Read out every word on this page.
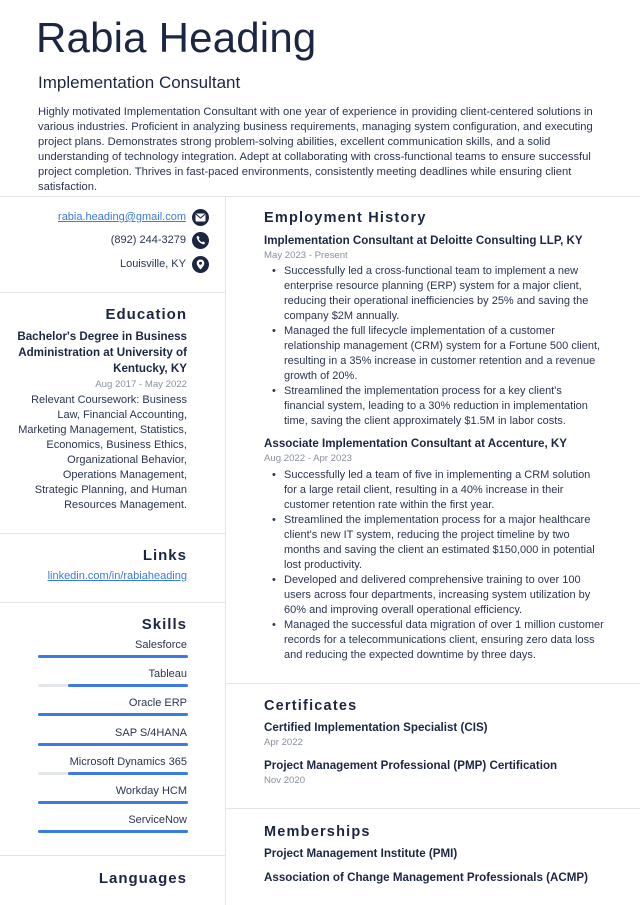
Rabia Heading
Implementation Consultant
Highly motivated Implementation Consultant with one year of experience in providing client-centered solutions in various industries. Proficient in analyzing business requirements, managing system configuration, and executing project plans. Demonstrates strong problem-solving abilities, excellent communication skills, and a solid understanding of technology integration. Adept at collaborating with cross-functional teams to ensure successful project completion. Thrives in fast-paced environments, consistently meeting deadlines while ensuring client satisfaction.
rabia.heading@gmail.com
(892) 244-3279
Louisville, KY
Education
Bachelor's Degree in Business Administration at University of Kentucky, KY
Aug 2017 - May 2022
Relevant Coursework: Business Law, Financial Accounting, Marketing Management, Statistics, Economics, Business Ethics, Organizational Behavior, Operations Management, Strategic Planning, and Human Resources Management.
Links
linkedin.com/in/rabiaheading
Skills
Salesforce
Tableau
Oracle ERP
SAP S/4HANA
Microsoft Dynamics 365
Workday HCM
ServiceNow
Languages
Employment History
Implementation Consultant at Deloitte Consulting LLP, KY
May 2023 - Present
• Successfully led a cross-functional team to implement a new enterprise resource planning (ERP) system for a major client, reducing their operational inefficiencies by 25% and saving the company $2M annually.
• Managed the full lifecycle implementation of a customer relationship management (CRM) system for a Fortune 500 client, resulting in a 35% increase in customer retention and a revenue growth of 20%.
• Streamlined the implementation process for a key client's financial system, leading to a 30% reduction in implementation time, saving the client approximately $1.5M in labor costs.
Associate Implementation Consultant at Accenture, KY
Aug 2022 - Apr 2023
• Successfully led a team of five in implementing a CRM solution for a large retail client, resulting in a 40% increase in their customer retention rate within the first year.
• Streamlined the implementation process for a major healthcare client's new IT system, reducing the project timeline by two months and saving the client an estimated $150,000 in potential lost productivity.
• Developed and delivered comprehensive training to over 100 users across four departments, increasing system utilization by 60% and improving overall operational efficiency.
• Managed the successful data migration of over 1 million customer records for a telecommunications client, ensuring zero data loss and reducing the expected downtime by three days.
Certificates
Certified Implementation Specialist (CIS)
Apr 2022
Project Management Professional (PMP) Certification
Nov 2020
Memberships
Project Management Institute (PMI)
Association of Change Management Professionals (ACMP)
